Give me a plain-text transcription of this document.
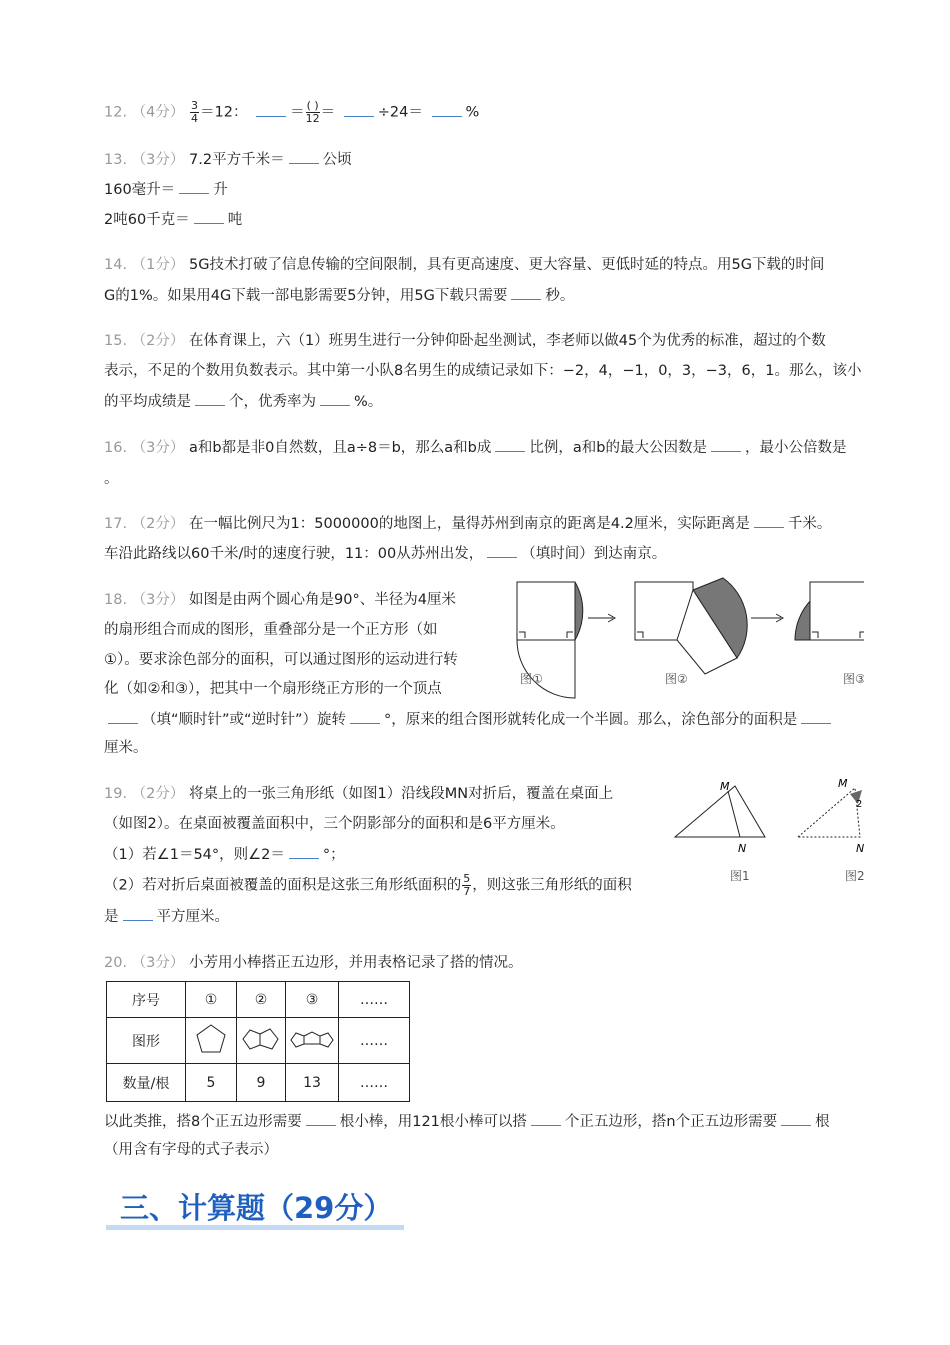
12. （4分） $\frac{3}{4} =12$：	＝ $\frac{( )}{12}$ ＝	÷24＝	%
13. （3分） 7.2平方千米＝	公顷
160毫升＝	升
2吨60千克＝	吨
14. （1分） 5G技术打破了信息传输的空间限制，具有更高速度、更大容量、更低时延的特点。用5G下载的时间
G的1%。如果用4G下载一部电影需要5分钟，用5G下载只需要	秒。
15. （2分） 在体育课上，六（1）班男生进行一分钟仰卧起坐测试，李老师以做45个为优秀的标准，超过的个数
表示，不足的个数用负数表示。其中第一小队8名男生的成绩记录如下：−2，4，−1，0，3，−3，6，1。那么，该小
的平均成绩是	个，优秀率为	%。
16. （3分） a和b都是非0自然数，且a÷8＝b，那么a和b成	比例，a和b的最大公因数是	，最小公倍数是
。
17. （2分） 在一幅比例尺为1：5000000的地图上，量得苏州到南京的距离是4.2厘米，实际距离是	千米。
车沿此路线以60千米/时的速度行驶，11：00从苏州出发，	（填时间）到达南京。
18. （3分） 如图是由两个圆心角是90°、半径为4厘米
的扇形组合而成的图形，重叠部分是一个正方形（如
①）。要求涂色部分的面积，可以通过图形的运动进行转
化（如②和③），把其中一个扇形绕正方形的一个顶点
（填“顺时针”或“逆时针”）旋转	°，原来的组合图形就转化成一个半圆。那么，涂色部分的面积是
厘米。
图①	图②	图③
19. （2分） 将桌上的一张三角形纸（如图1）沿线段MN对折后，覆盖在桌面上
（如图2）。在桌面被覆盖面积中，三个阴影部分的面积和是6平方厘米。
（1）若∠1＝54°，则∠2＝	°；
（2）若对折后桌面被覆盖的面积是这张三角形纸面积的 $\frac{5}{7}$ ，则这张三角形纸的面积
是	平方厘米。
M
N
图1
M
2
N
图2
20. （3分） 小芳用小棒搭正五边形，并用表格记录了搭的情况。
序号	①	②	③	……
图形				……
数量/根	5	9	13	……
以此类推，搭8个正五边形需要	根小棒，用121根小棒可以搭	个正五边形，搭n个正五边形需要	根
（用含有字母的式子表示）
三、计算题（29分）
